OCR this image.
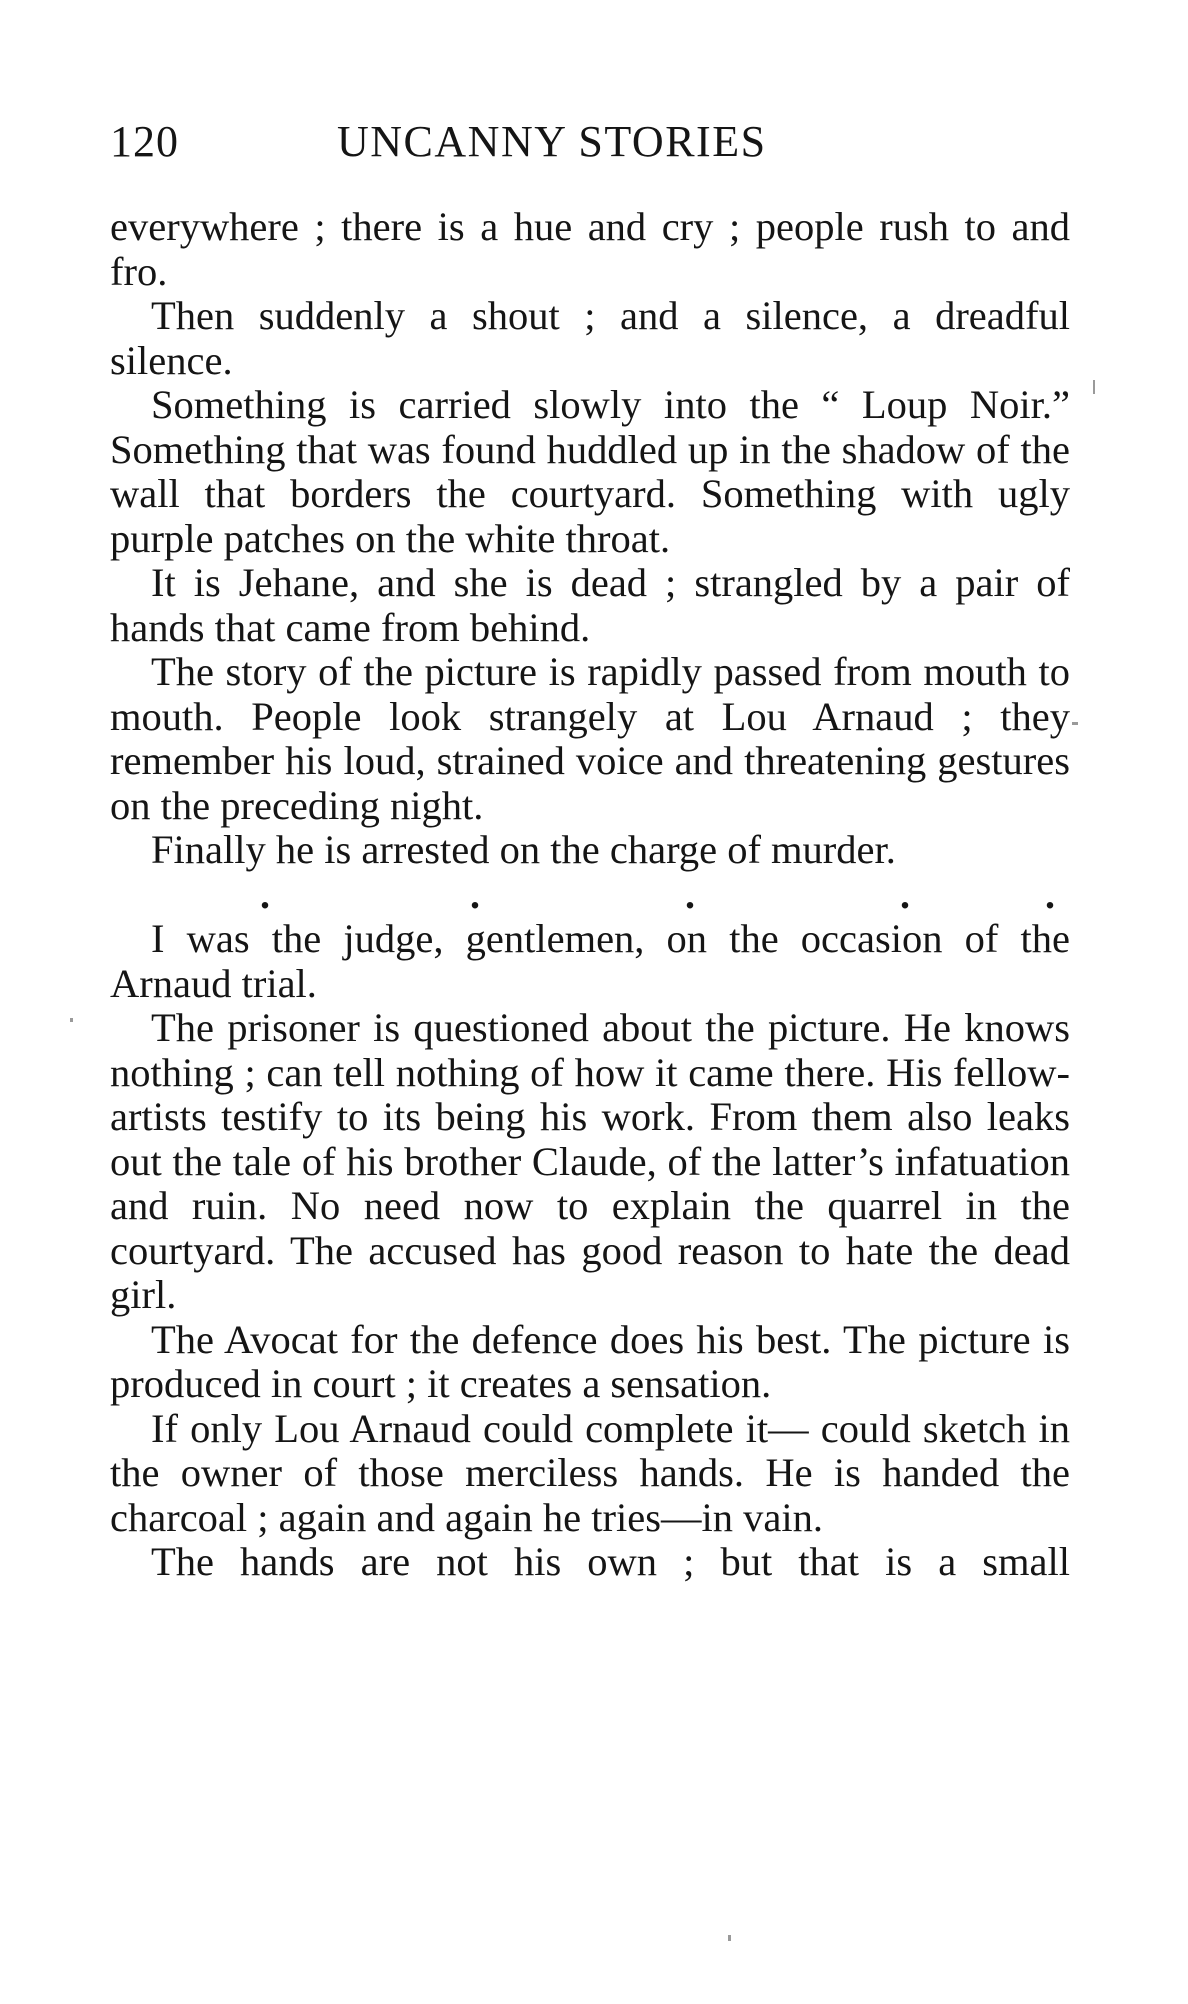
120	UNCANNY STORIES

everywhere ; there is a hue and cry ; people rush to and fro.

Then suddenly a shout ; and a silence, a dreadful silence.

Something is carried slowly into the “ Loup Noir.” Something that was found huddled up in the shadow of the wall that borders the courtyard. Something with ugly purple patches on the white throat.

It is Jehane, and she is dead ; strangled by a pair of hands that came from behind.

The story of the picture is rapidly passed from mouth to mouth. People look strangely at Lou Arnaud ; they remember his loud, strained voice and threatening gestures on the preceding night.

Finally he is arrested on the charge of murder.

.	.	.	.	.

I was the judge, gentlemen, on the occasion of the Arnaud trial.

The prisoner is questioned about the picture. He knows nothing ; can tell nothing of how it came there. His fellow-artists testify to its being his work. From them also leaks out the tale of his brother Claude, of the latter’s infatuation and ruin. No need now to explain the quarrel in the courtyard. The accused has good reason to hate the dead girl.

The Avocat for the defence does his best. The picture is produced in court ; it creates a sensation.

If only Lou Arnaud could complete it— could sketch in the owner of those merciless hands. He is handed the charcoal ; again and again he tries—in vain.

The hands are not his own ; but that is a small
